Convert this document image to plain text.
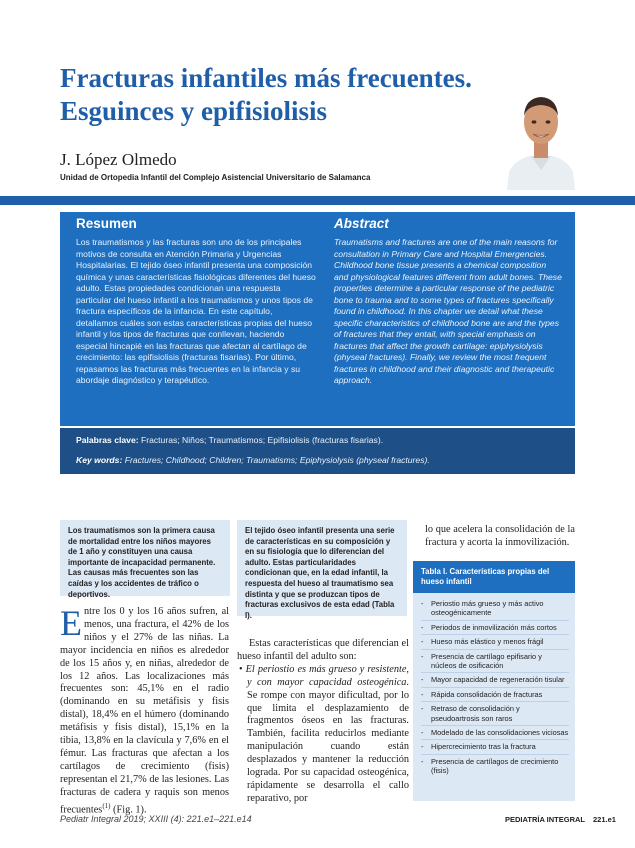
Fracturas infantiles más frecuentes.
Esguinces y epifisiolisis
J. López Olmedo
Unidad de Ortopedia Infantil del Complejo Asistencial Universitario de Salamanca
Resumen	Abstract
Los traumatismos y las fracturas son uno de los principales motivos de consulta en Atención Primaria y Urgencias Hospitalarias. El tejido óseo infantil presenta una composición química y unas características fisiológicas diferentes del hueso adulto. Estas propiedades condicionan una respuesta particular del hueso infantil a los traumatismos y unos tipos de fractura específicos de la infancia. En este capítulo, detallamos cuáles son estas características propias del hueso infantil y los tipos de fracturas que conllevan, haciendo especial hincapié en las fracturas que afectan al cartílago de crecimiento: las epifisiolisis (fracturas fisarias). Por último, repasamos las fracturas más frecuentes en la infancia y su abordaje diagnóstico y terapéutico.
Traumatisms and fractures are one of the main reasons for consultation in Primary Care and Hospital Emergencies. Childhood bone tissue presents a chemical composition and physiological features different from adult bones. These properties determine a particular response of the pediatric bone to trauma and to some types of fractures specifically found in childhood. In this chapter we detail what these specific characteristics of childhood bone are and the types of fractures that they entail, with special emphasis on fractures that affect the growth cartilage: epiphysiolysis (physeal fractures). Finally, we review the most frequent fractures in childhood and their diagnostic and therapeutic approach.
Palabras clave: Fracturas; Niños; Traumatismos; Epifisiolisis (fracturas fisarias).
Key words: Fractures; Childhood; Children; Traumatisms; Epiphysiolysis (physeal fractures).
Los traumatismos son la primera causa de mortalidad entre los niños mayores de 1 año y constituyen una causa importante de incapacidad permanente. Las causas más frecuentes son las caídas y los accidentes de tráfico o deportivos.
El tejido óseo infantil presenta una serie de características en su composición y en su fisiología que lo diferencian del adulto. Estas particularidades condicionan que, en la edad infantil, la respuesta del hueso al traumatismo sea distinta y que se produzcan tipos de fracturas exclusivos de esta edad (Tabla I).
Entre los 0 y los 16 años sufren, al menos, una fractura, el 42% de los niños y el 27% de las niñas. La mayor incidencia en niños es alrededor de los 15 años y, en niñas, alrededor de los 12 años. Las localizaciones más frecuentes son: 45,1% en el radio (dominando en su metáfisis y fisis distal), 18,4% en el húmero (dominando metáfisis y fisis distal), 15,1% en la tibia, 13,8% en la clavícula y 7,6% en el fémur. Las fracturas que afectan a los cartílagos de crecimiento (fisis) representan el 21,7% de las lesiones. Las fracturas de cadera y raquis son menos frecuentes$^{(1)}$ (Fig. 1).

Estas características que diferencian el hueso infantil del adulto son:

• El periostio es más grueso y resistente, y con mayor capacidad osteogénica. Se rompe con mayor dificultad, por lo que limita el desplazamiento de fragmentos óseos en las fracturas. También, facilita reducirlos mediante manipulación cuando están desplazados y mantener la reducción lograda. Por su capacidad osteogénica, rápidamente se desarrolla el callo reparativo, por

lo que acelera la consolidación de la fractura y acorta la inmovilización.
Tabla I. Características propias del hueso infantil
- Periostio más grueso y más activo osteogénicamente
- Periodos de inmovilización más cortos
- Hueso más elástico y menos frágil
- Presencia de cartílago epifisario y núcleos de osificación
- Mayor capacidad de regeneración tisular
- Rápida consolidación de fracturas
- Retraso de consolidación y pseudoartrosis son raros
- Modelado de las consolidaciones viciosas
- Hipercrecimiento tras la fractura
- Presencia de cartílagos de crecimiento (fisis)
Pediatr Integral 2019; XXIII (4): 221.e1–221.e14	PEDIATRÍA INTEGRAL 221.e1
